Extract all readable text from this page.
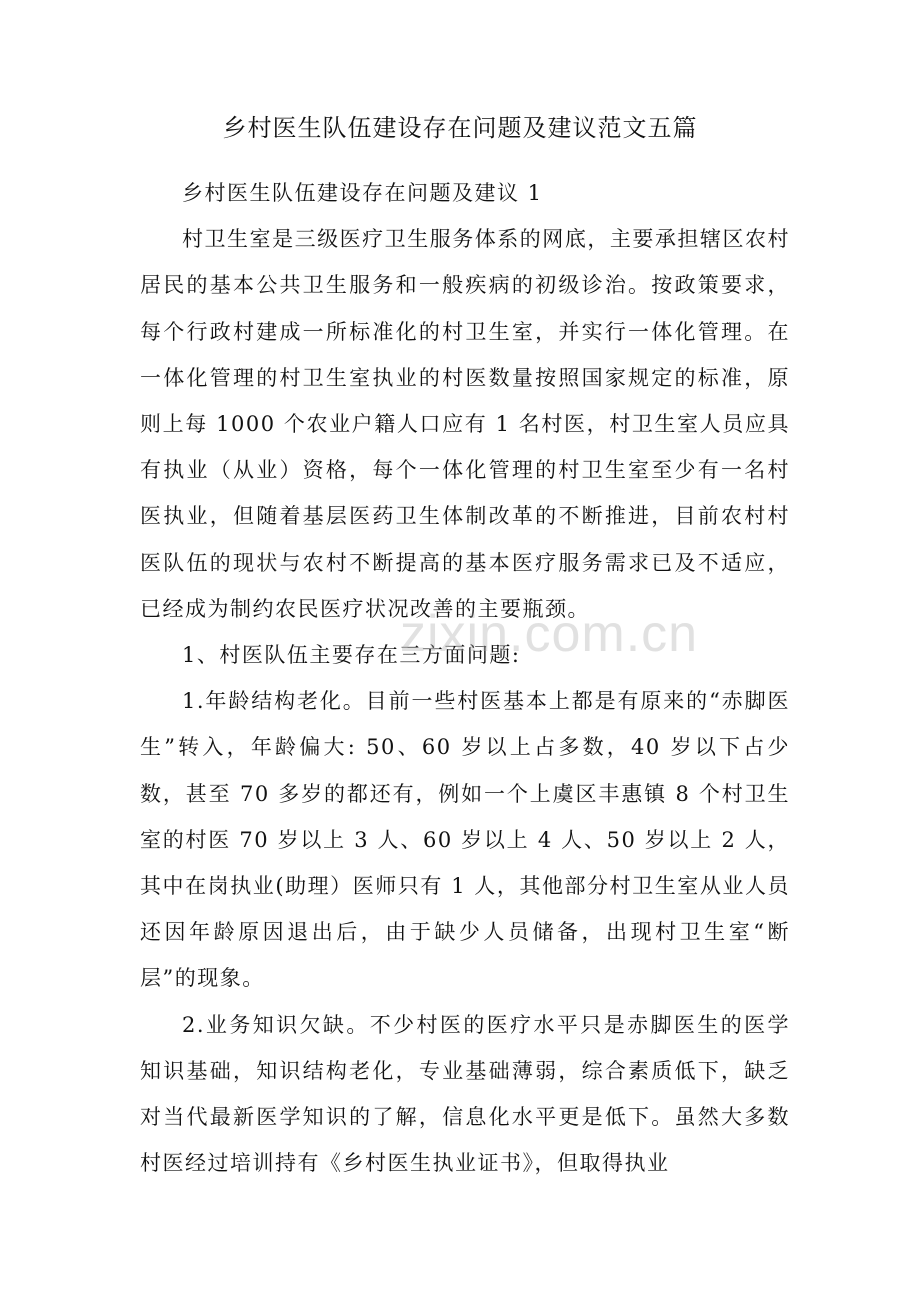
乡村医生队伍建设存在问题及建议范文五篇

乡村医生队伍建设存在问题及建议 1

村卫生室是三级医疗卫生服务体系的网底，主要承担辖区农村居民的基本公共卫生服务和一般疾病的初级诊治。按政策要求，每个行政村建成一所标准化的村卫生室，并实行一体化管理。在一体化管理的村卫生室执业的村医数量按照国家规定的标准，原则上每 1000 个农业户籍人口应有 1 名村医，村卫生室人员应具有执业（从业）资格，每个一体化管理的村卫生室至少有一名村医执业，但随着基层医药卫生体制改革的不断推进，目前农村村医队伍的现状与农村不断提高的基本医疗服务需求已及不适应，已经成为制约农民医疗状况改善的主要瓶颈。

1、村医队伍主要存在三方面问题:

1.年龄结构老化。目前一些村医基本上都是有原来的“赤脚医生”转入，年龄偏大: 50、60 岁以上占多数，40 岁以下占少数，甚至 70 多岁的都还有，例如一个上虞区丰惠镇 8 个村卫生室的村医 70 岁以上 3 人、60 岁以上 4 人、50 岁以上 2 人，其中在岗执业(助理）医师只有 1 人，其他部分村卫生室从业人员还因年龄原因退出后，由于缺少人员储备，出现村卫生室“断层”的现象。

2.业务知识欠缺。不少村医的医疗水平只是赤脚医生的医学知识基础，知识结构老化，专业基础薄弱，综合素质低下，缺乏对当代最新医学知识的了解，信息化水平更是低下。虽然大多数村医经过培训持有《乡村医生执业证书》，但取得执业

zixin.com.cn
